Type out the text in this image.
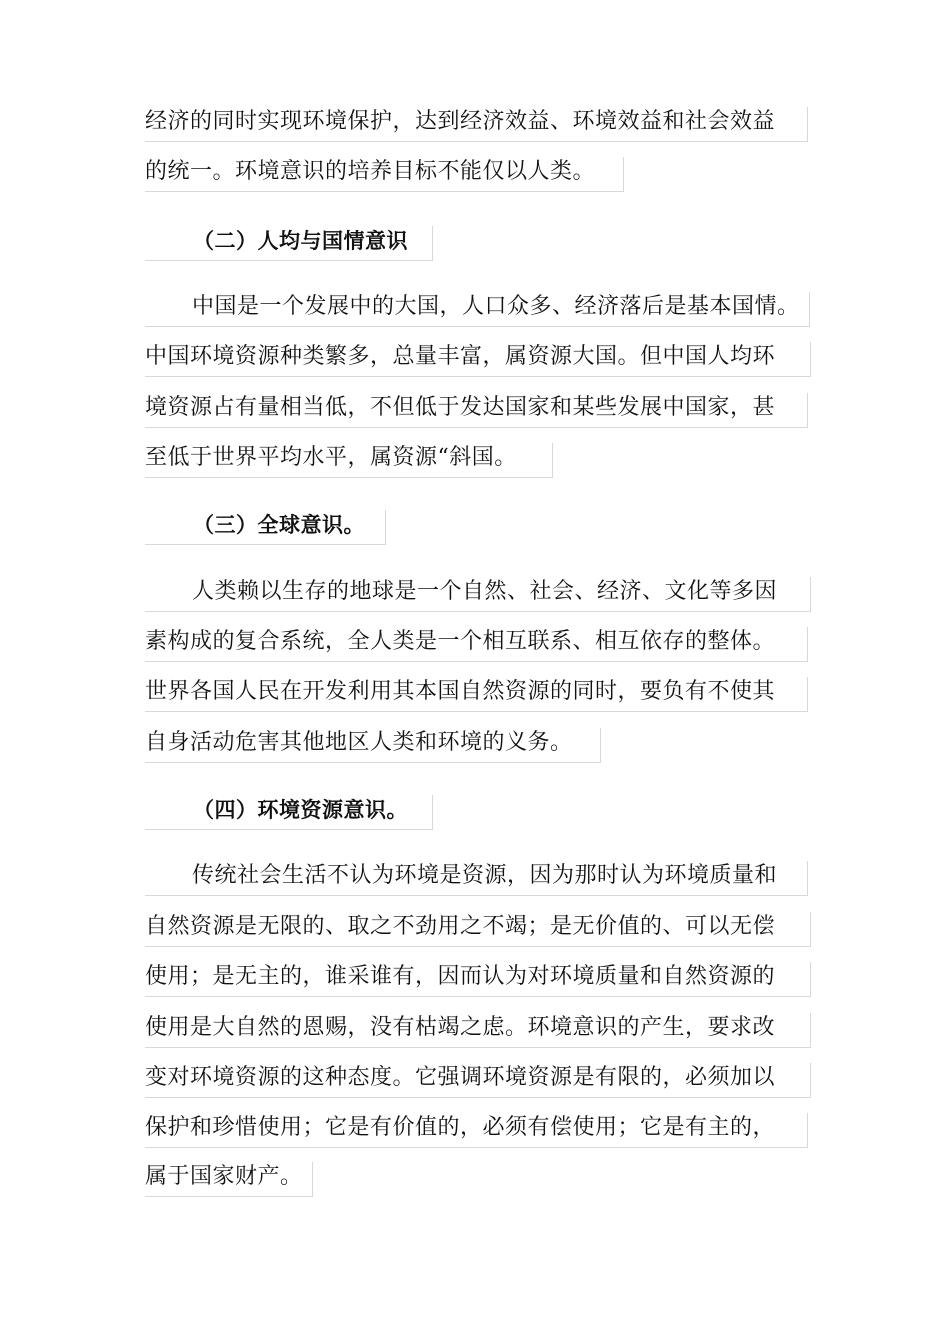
经济的同时实现环境保护，达到经济效益、环境效益和社会效益
的统一。环境意识的培养目标不能仅以人类。
（二）人均与国情意识
中国是一个发展中的大国，人口众多、经济落后是基本国情。
中国环境资源种类繁多，总量丰富，属资源大国。但中国人均环
境资源占有量相当低，不但低于发达国家和某些发展中国家，甚
至低于世界平均水平，属资源“斜国。
（三）全球意识。
人类赖以生存的地球是一个自然、社会、经济、文化等多因
素构成的复合系统，全人类是一个相互联系、相互依存的整体。
世界各国人民在开发利用其本国自然资源的同时，要负有不使其
自身活动危害其他地区人类和环境的义务。
（四）环境资源意识。
传统社会生活不认为环境是资源，因为那时认为环境质量和
自然资源是无限的、取之不劲用之不竭；是无价值的、可以无偿
使用；是无主的，谁采谁有，因而认为对环境质量和自然资源的
使用是大自然的恩赐，没有枯竭之虑。环境意识的产生，要求改
变对环境资源的这种态度。它强调环境资源是有限的，必须加以
保护和珍惜使用；它是有价值的，必须有偿使用；它是有主的，
属于国家财产。
